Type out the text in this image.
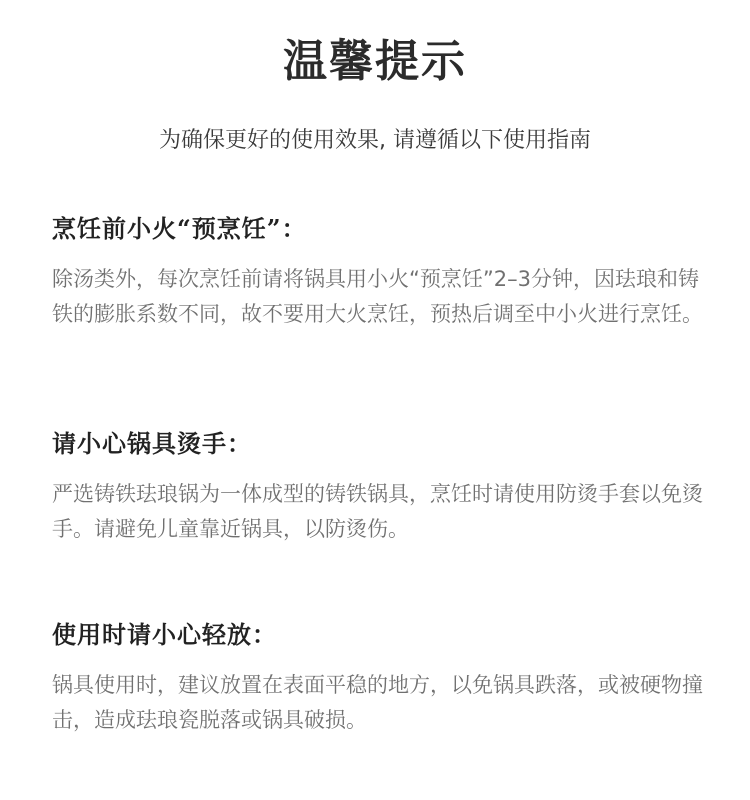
温馨提示
为确保更好的使用效果, 请遵循以下使用指南
烹饪前小火“预烹饪”：

除汤类外，每次烹饪前请将锅具用小火“预烹饪”2–3分钟，因珐琅和铸铁的膨胀系数不同，故不要用大火烹饪，预热后调至中小火进行烹饪。

请小心锅具烫手：

严选铸铁珐琅锅为一体成型的铸铁锅具，烹饪时请使用防烫手套以免烫手。请避免儿童靠近锅具，以防烫伤。

使用时请小心轻放：

锅具使用时，建议放置在表面平稳的地方，以免锅具跌落，或被硬物撞击，造成珐琅瓷脱落或锅具破损。
